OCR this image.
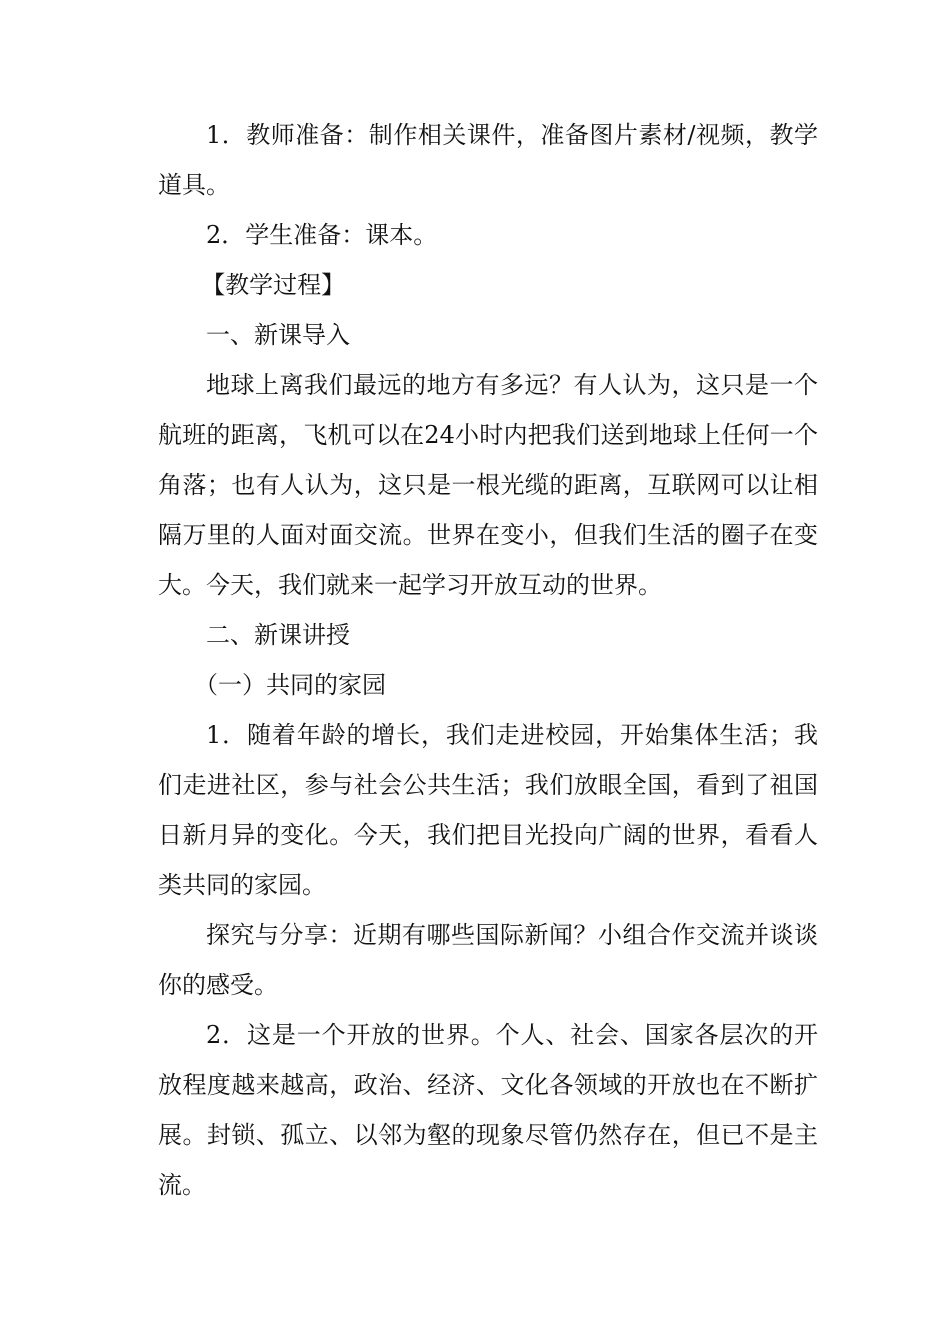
1．教师准备：制作相关课件，准备图片素材/视频，教学道具。

2．学生准备：课本。

【教学过程】

一、新课导入

地球上离我们最远的地方有多远？有人认为，这只是一个航班的距离，飞机可以在24小时内把我们送到地球上任何一个角落；也有人认为，这只是一根光缆的距离，互联网可以让相隔万里的人面对面交流。世界在变小，但我们生活的圈子在变大。今天，我们就来一起学习开放互动的世界。

二、新课讲授

（一）共同的家园

1．随着年龄的增长，我们走进校园，开始集体生活；我们走进社区，参与社会公共生活；我们放眼全国，看到了祖国日新月异的变化。今天，我们把目光投向广阔的世界，看看人类共同的家园。

探究与分享：近期有哪些国际新闻？小组合作交流并谈谈你的感受。

2．这是一个开放的世界。个人、社会、国家各层次的开放程度越来越高，政治、经济、文化各领域的开放也在不断扩展。封锁、孤立、以邻为壑的现象尽管仍然存在，但已不是主流。
